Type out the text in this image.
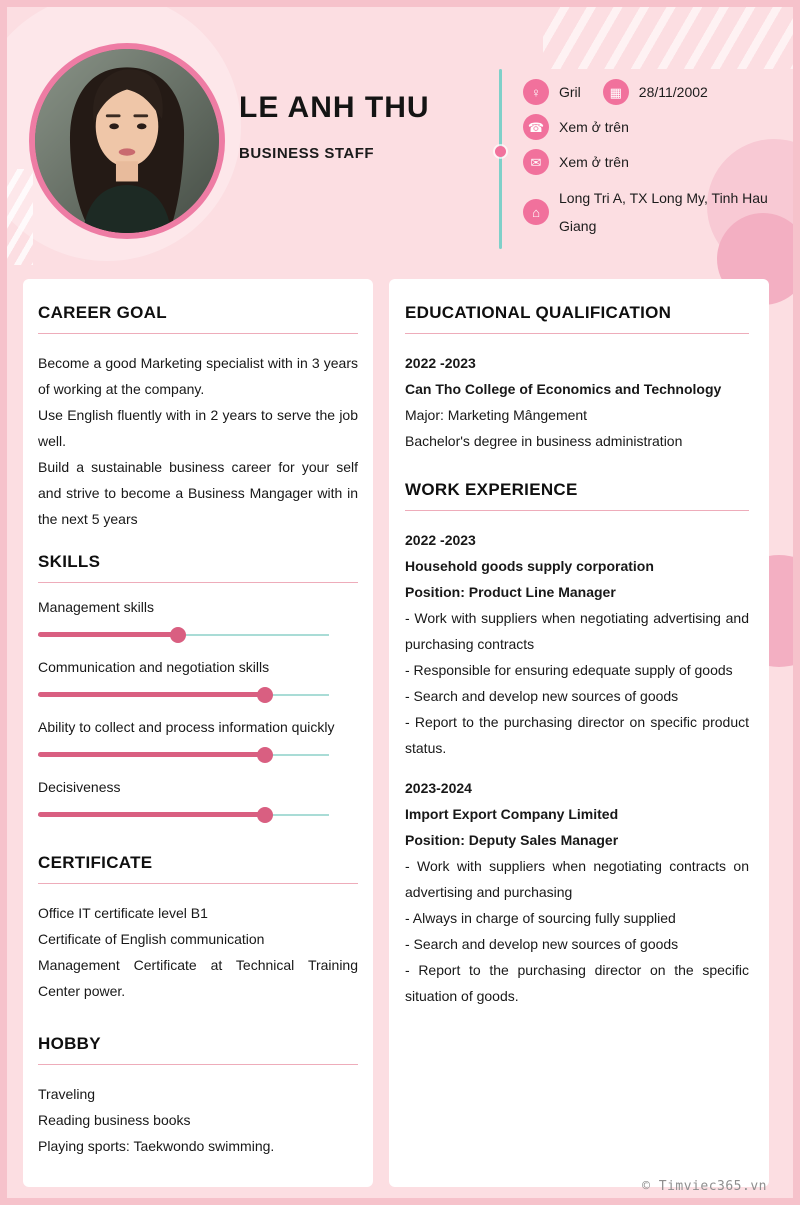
LE ANH THU
BUSINESS STAFF
♀	Gril	▦	28/11/2002
☎	Xem ở trên
✉	Xem ở trên
⌂
Long Tri A, TX Long My, Tinh Hau Giang
CAREER GOAL

Become a good Marketing specialist with in 3 years of working at the company.

Use English fluently with in 2 years to serve the job well.

Build a sustainable business career for your self and strive to become a Business Mangager with in the next 5 years

SKILLS
Management skills
Communication and negotiation skills
Ability to collect and process information quickly
Decisiveness
CERTIFICATE

Office IT certificate level B1

Certificate of English communication

Management Certificate at Technical Training Center power.

HOBBY

Traveling

Reading business books

Playing sports: Taekwondo swimming.

EDUCATIONAL QUALIFICATION

2022 -2023

Can Tho College of Economics and Technology

Major: Marketing Mângement

Bachelor's degree in business administration

WORK EXPERIENCE

2022 -2023

Household goods supply corporation

Position: Product Line Manager

- Work with suppliers when negotiating advertising and purchasing contracts

- Responsible for ensuring edequate supply of goods

- Search and develop new sources of goods

- Report to the purchasing director on specific product status.

2023-2024

Import Export Company Limited

Position: Deputy Sales Manager

- Work with suppliers when negotiating contracts on advertising and purchasing

- Always in charge of sourcing fully supplied

- Search and develop new sources of goods

- Report to the purchasing director on the specific situation of goods.

© Timviec365.vn
